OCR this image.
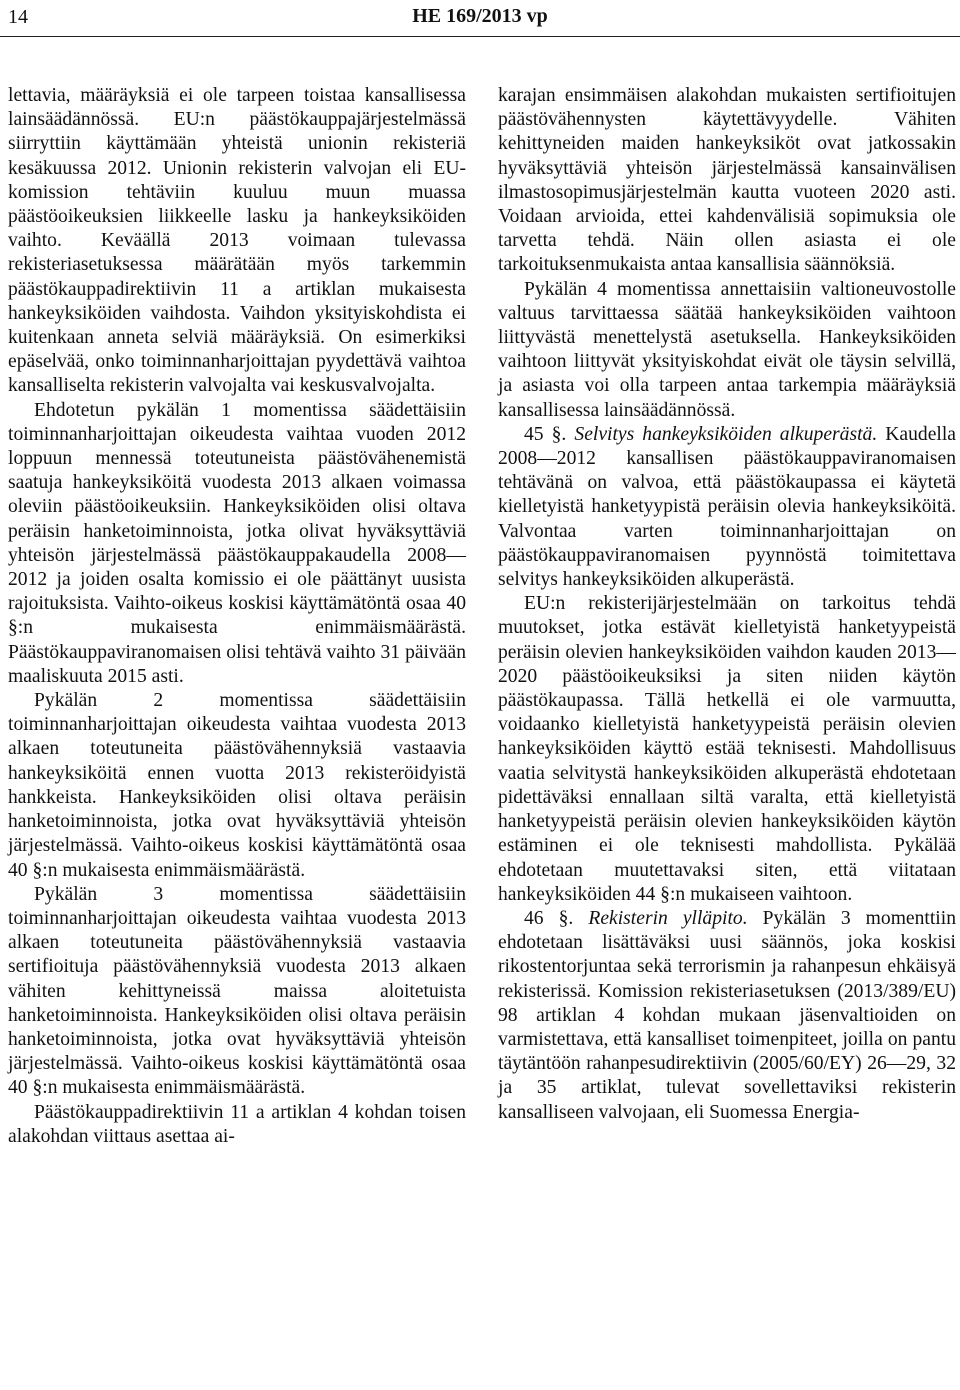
14	HE 169/2013 vp

lettavia, määräyksiä ei ole tarpeen toistaa kansallisessa lainsäädännössä. EU:n päästökauppajärjestelmässä siirryttiin käyttämään yhteistä unionin rekisteriä kesäkuussa 2012. Unionin rekisterin valvojan eli EU-komission tehtäviin kuuluu muun muassa päästöoikeuksien liikkeelle lasku ja hankeyksiköiden vaihto. Keväällä 2013 voimaan tulevassa rekisteriasetuksessa määrätään myös tarkemmin päästökauppadirektiivin 11 a artiklan mukaisesta hankeyksiköiden vaihdosta. Vaihdon yksityiskohdista ei kuitenkaan anneta selviä määräyksiä. On esimerkiksi epäselvää, onko toiminnanharjoittajan pyydettävä vaihtoa kansalliselta rekisterin valvojalta vai keskusvalvojalta.

Ehdotetun pykälän 1 momentissa säädettäisiin toiminnanharjoittajan oikeudesta vaihtaa vuoden 2012 loppuun mennessä toteutuneista päästövähenemistä saatuja hankeyksiköitä vuodesta 2013 alkaen voimassa oleviin päästöoikeuksiin. Hankeyksiköiden olisi oltava peräisin hanketoiminnoista, jotka olivat hyväksyttäviä yhteisön järjestelmässä päästökauppakaudella 2008—2012 ja joiden osalta komissio ei ole päättänyt uusista rajoituksista. Vaihto-oikeus koskisi käyttämätöntä osaa 40 §:n mukaisesta enimmäismäärästä. Päästökauppaviranomaisen olisi tehtävä vaihto 31 päivään maaliskuuta 2015 asti.

Pykälän 2 momentissa säädettäisiin toiminnanharjoittajan oikeudesta vaihtaa vuodesta 2013 alkaen toteutuneita päästövähennyksiä vastaavia hankeyksiköitä ennen vuotta 2013 rekisteröidyistä hankkeista. Hankeyksiköiden olisi oltava peräisin hanketoiminnoista, jotka ovat hyväksyttäviä yhteisön järjestelmässä. Vaihto-oikeus koskisi käyttämätöntä osaa 40 §:n mukaisesta enimmäismäärästä.

Pykälän 3 momentissa säädettäisiin toiminnanharjoittajan oikeudesta vaihtaa vuodesta 2013 alkaen toteutuneita päästövähennyksiä vastaavia sertifioituja päästövähennyksiä vuodesta 2013 alkaen vähiten kehittyneissä maissa aloitetuista hanketoiminnoista. Hankeyksiköiden olisi oltava peräisin hanketoiminnoista, jotka ovat hyväksyttäviä yhteisön järjestelmässä. Vaihto-oikeus koskisi käyttämätöntä osaa 40 §:n mukaisesta enimmäismäärästä.

Päästökauppadirektiivin 11 a artiklan 4 kohdan toisen alakohdan viittaus asettaa ai-

karajan ensimmäisen alakohdan mukaisten sertifioitujen päästövähennysten käytettävyydelle. Vähiten kehittyneiden maiden hankeyksiköt ovat jatkossakin hyväksyttäviä yhteisön järjestelmässä kansainvälisen ilmastosopimusjärjestelmän kautta vuoteen 2020 asti. Voidaan arvioida, ettei kahdenvälisiä sopimuksia ole tarvetta tehdä. Näin ollen asiasta ei ole tarkoituksenmukaista antaa kansallisia säännöksiä.

Pykälän 4 momentissa annettaisiin valtioneuvostolle valtuus tarvittaessa säätää hankeyksiköiden vaihtoon liittyvästä menettelystä asetuksella. Hankeyksiköiden vaihtoon liittyvät yksityiskohdat eivät ole täysin selvillä, ja asiasta voi olla tarpeen antaa tarkempia määräyksiä kansallisessa lainsäädännössä.

45 §. Selvitys hankeyksiköiden alkuperästä. Kaudella 2008—2012 kansallisen päästökauppaviranomaisen tehtävänä on valvoa, että päästökaupassa ei käytetä kielletyistä hanketyypistä peräisin olevia hankeyksiköitä. Valvontaa varten toiminnanharjoittajan on päästökauppaviranomaisen pyynnöstä toimitettava selvitys hankeyksiköiden alkuperästä.

EU:n rekisterijärjestelmään on tarkoitus tehdä muutokset, jotka estävät kielletyistä hanketyypeistä peräisin olevien hankeyksiköiden vaihdon kauden 2013—2020 päästöoikeuksiksi ja siten niiden käytön päästökaupassa. Tällä hetkellä ei ole varmuutta, voidaanko kielletyistä hanketyypeistä peräisin olevien hankeyksiköiden käyttö estää teknisesti. Mahdollisuus vaatia selvitystä hankeyksiköiden alkuperästä ehdotetaan pidettäväksi ennallaan siltä varalta, että kielletyistä hanketyypeistä peräisin olevien hankeyksiköiden käytön estäminen ei ole teknisesti mahdollista. Pykälää ehdotetaan muutettavaksi siten, että viitataan hankeyksiköiden 44 §:n mukaiseen vaihtoon.

46 §. Rekisterin ylläpito. Pykälän 3 momenttiin ehdotetaan lisättäväksi uusi säännös, joka koskisi rikostentorjuntaa sekä terrorismin ja rahanpesun ehkäisyä rekisterissä. Komission rekisteriasetuksen (2013/389/EU) 98 artiklan 4 kohdan mukaan jäsenvaltioiden on varmistettava, että kansalliset toimenpiteet, joilla on pantu täytäntöön rahanpesudirektiivin (2005/60/EY) 26—29, 32 ja 35 artiklat, tulevat sovellettaviksi rekisterin kansalliseen valvojaan, eli Suomessa Energia-
